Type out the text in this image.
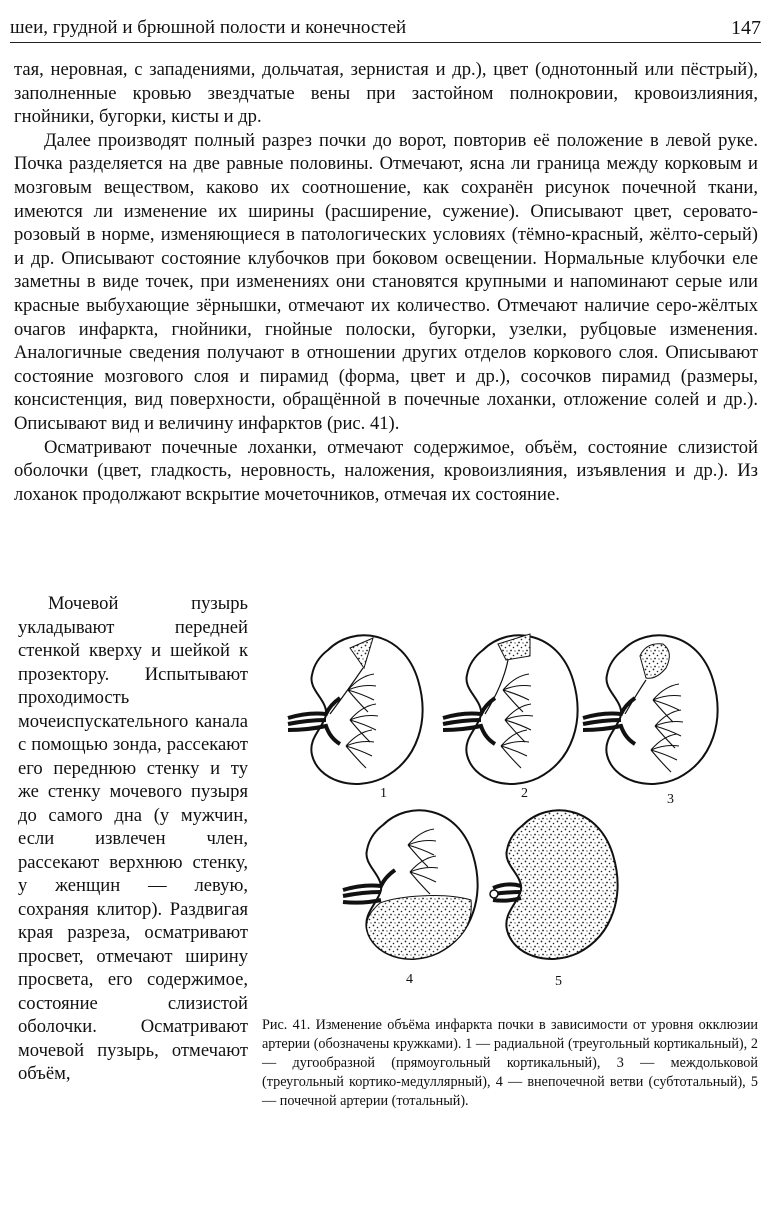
шеи, грудной и брюшной полости и конечностей	147

тая, неровная, с западениями, дольчатая, зернистая и др.), цвет (однотонный или пёстрый), заполненные кровью звездчатые вены при застойном полнокровии, кровоизлияния, гнойники, бугорки, кисты и др.

Далее производят полный разрез почки до ворот, повторив её положение в левой руке. Почка разделяется на две равные половины. Отмечают, ясна ли граница между корковым и мозговым веществом, каково их соотношение, как сохранён рисунок почечной ткани, имеются ли изменение их ширины (расширение, сужение). Описывают цвет, серовато-розовый в норме, изменяющиеся в патологических условиях (тёмно-красный, жёлто-серый) и др. Описывают состояние клубочков при боковом освещении. Нормальные клубочки еле заметны в виде точек, при изменениях они становятся крупными и напоминают серые или красные выбухающие зёрнышки, отмечают их количество. Отмечают наличие серо-жёлтых очагов инфаркта, гнойники, гнойные полоски, бугорки, узелки, рубцовые изменения. Аналогичные сведения получают в отношении других отделов коркового слоя. Описывают состояние мозгового слоя и пирамид (форма, цвет и др.), сосочков пирамид (размеры, консистенция, вид поверхности, обращённой в почечные лоханки, отложение солей и др.). Описывают вид и величину инфарктов (рис. 41).

Осматривают почечные лоханки, отмечают содержимое, объём, состояние слизистой оболочки (цвет, гладкость, неровность, наложения, кровоизлияния, изъявления и др.). Из лоханок продолжают вскрытие мочеточников, отмечая их состояние.

Мочевой пузырь укладывают передней стенкой кверху и шейкой к прозектору. Испытывают проходимость мочеиспускательного канала с помощью зонда, рассекают его переднюю стенку и ту же стенку мочевого пузыря до самого дна (у мужчин, если извлечен член, рассекают верхнюю стенку, у женщин — левую, сохраняя клитор). Раздвигая края разреза, осматривают просвет, отмечают ширину просвета, его содержимое, состояние слизистой оболочки. Осматривают мочевой пузырь, отмечают объём,

1	2	3
4	5
Рис. 41. Изменение объёма инфаркта почки в зависимости от уровня окклюзии артерии (обозначены кружками). 1 — радиальной (треугольный кортикальный), 2 — дугообразной (прямоугольный кортикальный), 3 — междольковой (треугольный кортико-медуллярный), 4 — внепочечной ветви (субтотальный), 5 — почечной артерии (тотальный).
